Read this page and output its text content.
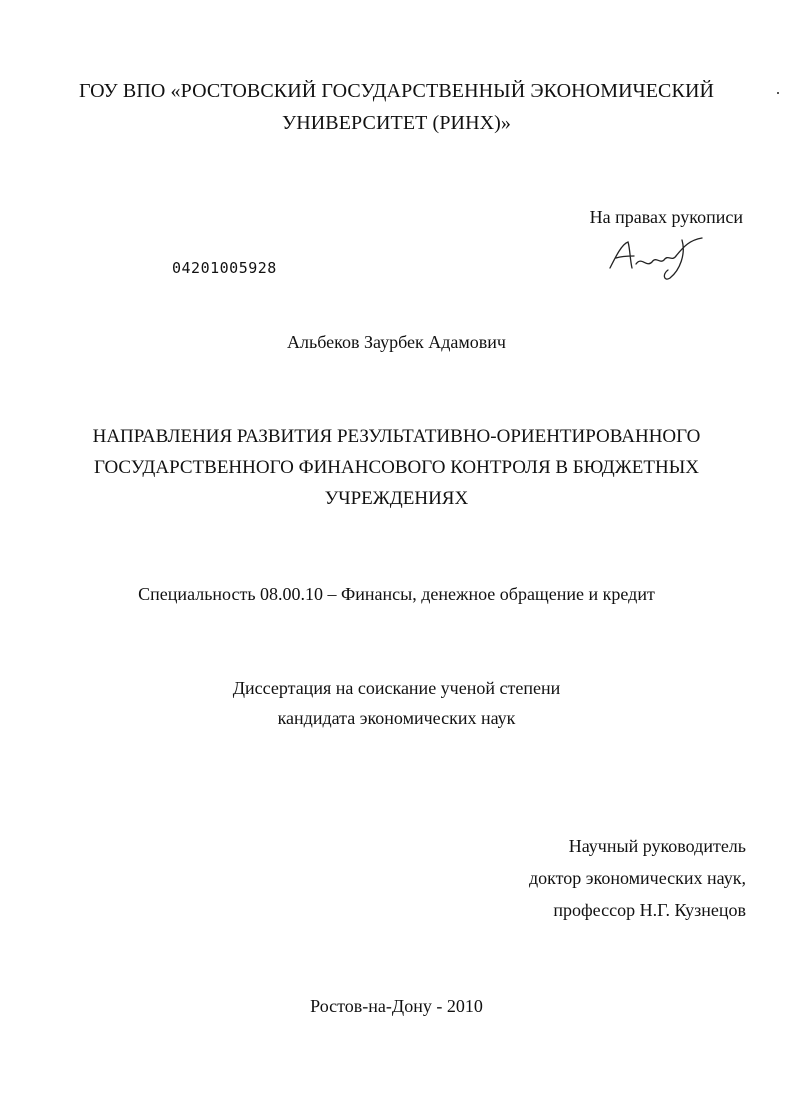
ГОУ ВПО «РОСТОВСКИЙ ГОСУДАРСТВЕННЫЙ ЭКОНОМИЧЕСКИЙ
УНИВЕРСИТЕТ (РИНХ)»
На правах рукописи
04201005928
Альбеков Заурбек Адамович
НАПРАВЛЕНИЯ РАЗВИТИЯ РЕЗУЛЬТАТИВНО-ОРИЕНТИРОВАННОГО
ГОСУДАРСТВЕННОГО ФИНАНСОВОГО КОНТРОЛЯ В БЮДЖЕТНЫХ
УЧРЕЖДЕНИЯХ
Специальность 08.00.10 – Финансы, денежное обращение и кредит
Диссертация на соискание ученой степени
кандидата экономических наук
Научный руководитель
доктор экономических наук,
профессор Н.Г. Кузнецов
Ростов-на-Дону - 2010
